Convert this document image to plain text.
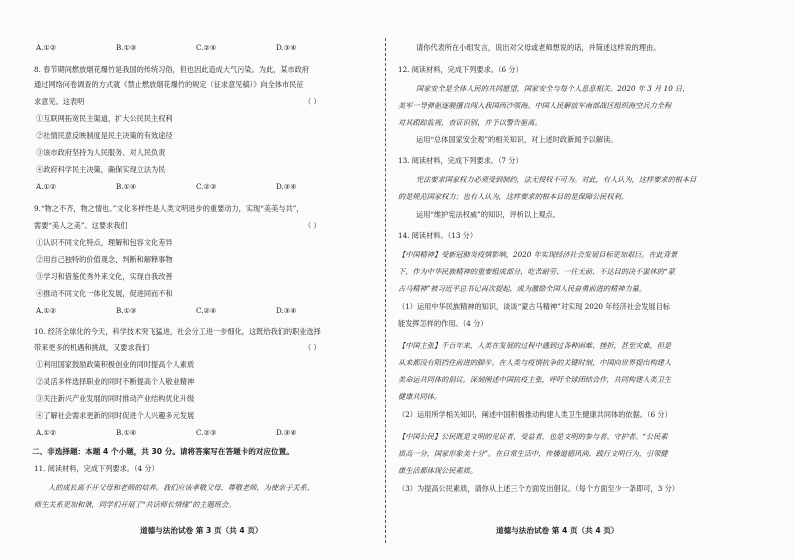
A.①②	B.①③	C.②④	D.③④
8. 春节期间燃放烟花爆竹是我国的传统习俗，但也因此造成大气污染。为此，某市政府
通过网络问卷调查的方式就《禁止燃放烟花爆竹的规定（征求意见稿）》向全体市民征
求意见。这表明	（ ）
①互联网拓宽民主渠道，扩大公民民主权利
②社情民意反映制度是民主决策的有效途径
③该市政府坚持为人民服务、对人民负责
④政府科学民主决策，确保实现立法为民
A.①②	B.①④	C.②③	D.③④
9.“物之不齐，物之情也。”文化多样性是人类文明进步的重要动力，实现“美美与共”，
需要“美人之美”。这要求我们	（ ）
①认识不同文化特点，理解和包容文化差异
②用自己独特的价值观念，判断和解释事物
③学习和借鉴优秀外来文化，实现自我改善
④推动不同文化一体化发展，促进同而不和
A.①②	B.①③	C.②④	D.③④
10. 经济全球化的今天，科学技术突飞猛进，社会分工进一步细化，这既给我们的职业选择
带来更多的机遇和挑战，又要求我们	（ ）
①利用国家鼓励政策积极创业的同时提高个人素质
②灵活多样选择职业的同时不断提高个人敬业精神
③关注新兴产业发展的同时推动产业结构优化升级
④了解社会需求更新的同时促进个人兴趣多元发展
A.①②	B.①④	C.②③	D.③④
二、非选择题：本题 4 个小题，共 30 分。请将答案写在答题卡的对应位置。
11. 阅读材料，完成下列要求。（4 分）
人的成长离不开父母和老师的培养。我们应该孝敬父母、尊敬老师，为使亲子关系、
师生关系更加和谐，同学们开展了“共话师长情缘”的主题班会。
道德与法治试卷 第 3 页（共 4 页）
请你代表所在小组发言，说出对父母或老师想说的话，并简述这样说的理由。
12. 阅读材料，完成下列要求。（6 分）
国家安全是全体人民的共同愿望，国家安全与每个人息息相关。2020 年 3 月 10 日，
美军一导弹驱逐舰擅自闯入我国西沙领海。中国人民解放军南部战区组织海空兵力全程
对其跟踪监视、查证识别，并予以警告驱离。
运用“总体国家安全观”的相关知识，对上述时政新闻予以解读。
13. 阅读材料，完成下列要求。（7 分）
宪法要求国家权力必须受到制约，法无授权不可为。对此，有人认为，这样要求的根本目
的是规范国家权力；也有人认为，这样要求的根本目的是保障公民权利。
运用“维护宪法权威”的知识，评析以上观点。
14. 阅读材料。（13 分）
【中国精神】受新冠肺炎疫情影响，2020 年实现经济社会发展目标更加艰巨。在此背景
下，作为中华民族精神的重要组成部分，吃苦耐劳、一往无前、不达目的决不罢休的“蒙
古马精神”被习近平总书记再次提起，成为激励全国人民奋勇前进的精神力量。
（1）运用中华民族精神的知识，谈谈“蒙古马精神”对实现 2020 年经济社会发展目标
能发挥怎样的作用。（4 分）
【中国主张】千百年来，人类在发展的过程中遇到过各种困难、挫折，甚至灾难，但是
从来都没有阻挡住前进的脚步。在人类与疫情抗争的关键时刻，中国向世界提出构建人
类命运共同体的倡议。深刻阐述中国抗疫主张，呼吁全球团结合作，共同构建人类卫生
健康共同体。
（2）运用所学相关知识，阐述中国积极推动构建人类卫生健康共同体的依据。（6 分）
【中国公民】公民既是文明的见证者、受益者，也是文明的参与者、守护者。“公民素
质高一分，国家形象美十分”。在日常生活中，传播道德风尚、践行文明行为，引领健
康生活都体现公民素质。
（3）为提高公民素质，请你从上述三个方面发出倡议。（每个方面至少一条即可，3 分）
道德与法治试卷 第 4 页（共 4 页）
